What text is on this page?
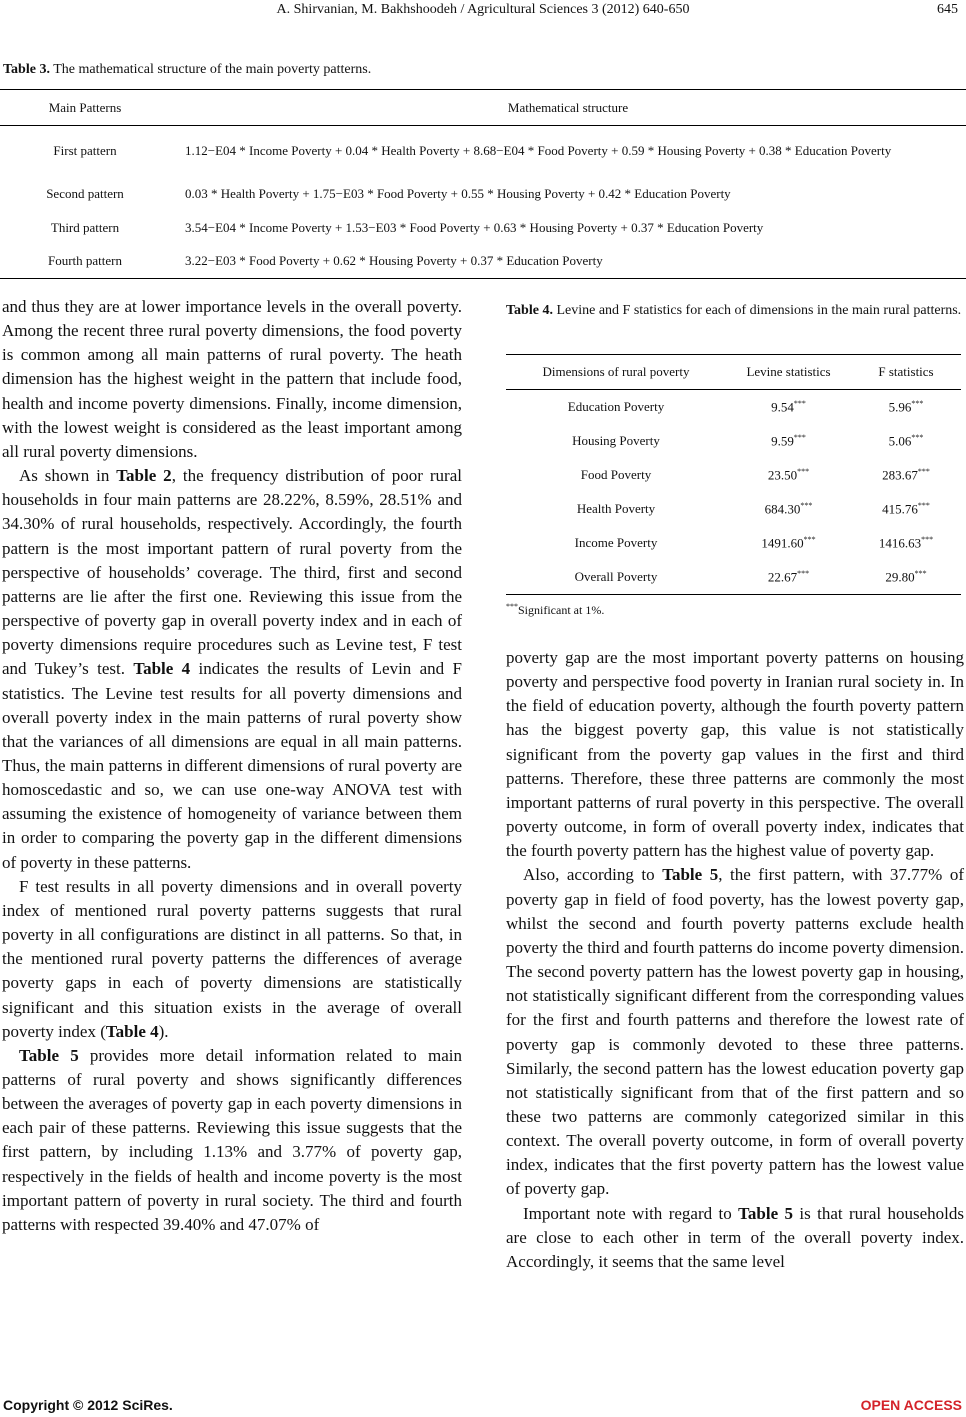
A. Shirvanian, M. Bakhshoodeh / Agricultural Sciences 3 (2012) 640-650	645
Table 3. The mathematical structure of the main poverty patterns.
Main Patterns	Mathematical structure
First pattern	1.12−E04 * Income Poverty + 0.04 * Health Poverty + 8.68−E04 * Food Poverty + 0.59 * Housing Poverty + 0.38 * Education Poverty
Second pattern	0.03 * Health Poverty + 1.75−E03 * Food Poverty + 0.55 * Housing Poverty + 0.42 * Education Poverty
Third pattern	3.54−E04 * Income Poverty + 1.53−E03 * Food Poverty + 0.63 * Housing Poverty + 0.37 * Education Poverty
Fourth pattern	3.22−E03 * Food Poverty + 0.62 * Housing Poverty + 0.37 * Education Poverty

and thus they are at lower importance levels in the overall poverty. Among the recent three rural poverty dimensions, the food poverty is common among all main patterns of rural poverty. The heath dimension has the highest weight in the pattern that include food, health and income poverty dimensions. Finally, income dimension, with the lowest weight is considered as the least important among all rural poverty dimensions.

As shown in Table 2, the frequency distribution of poor rural households in four main patterns are 28.22%, 8.59%, 28.51% and 34.30% of rural households, respectively. Accordingly, the fourth pattern is the most important pattern of rural poverty from the perspective of households’ coverage. The third, first and second patterns are lie after the first one. Reviewing this issue from the perspective of poverty gap in overall poverty index and in each of poverty dimensions require procedures such as Levine test, F test and Tukey’s test. Table 4 indicates the results of Levin and F statistics. The Levine test results for all poverty dimensions and overall poverty index in the main patterns of rural poverty show that the variances of all dimensions are equal in all main patterns. Thus, the main patterns in different dimensions of rural poverty are homoscedastic and so, we can use one-way ANOVA test with assuming the existence of homogeneity of variance between them in order to comparing the poverty gap in the different dimensions of poverty in these patterns.

F test results in all poverty dimensions and in overall poverty index of mentioned rural poverty patterns suggests that rural poverty in all configurations are distinct in all patterns. So that, in the mentioned rural poverty patterns the differences of average poverty gaps in each of poverty dimensions are statistically significant and this situation exists in the average of overall poverty index (Table 4).

Table 5 provides more detail information related to main patterns of rural poverty and shows significantly differences between the averages of poverty gap in each poverty dimensions in each pair of these patterns. Reviewing this issue suggests that the first pattern, by including 1.13% and 3.77% of poverty gap, respectively in the fields of health and income poverty is the most important pattern of poverty in rural society. The third and fourth patterns with respected 39.40% and 47.07% of

Table 4. Levine and F statistics for each of dimensions in the main rural patterns.
Dimensions of rural poverty	Levine statistics	F statistics
Education Poverty	9.54***	5.96***
Housing Poverty	9.59***	5.06***
Food Poverty	23.50***	283.67***
Health Poverty	684.30***	415.76***
Income Poverty	1491.60***	1416.63***
Overall Poverty	22.67***	29.80***
***Significant at 1%.

poverty gap are the most important poverty patterns on housing poverty and perspective food poverty in Iranian rural society in. In the field of education poverty, although the fourth poverty pattern has the biggest poverty gap, this value is not statistically significant from the poverty gap values in the first and third patterns. Therefore, these three patterns are commonly the most important patterns of rural poverty in this perspective. The overall poverty outcome, in form of overall poverty index, indicates that the fourth poverty pattern has the highest value of poverty gap.

Also, according to Table 5, the first pattern, with 37.77% of poverty gap in field of food poverty, has the lowest poverty gap, whilst the second and fourth poverty patterns exclude health poverty the third and fourth patterns do income poverty dimension. The second poverty pattern has the lowest poverty gap in housing, not statistically significant different from the corresponding values for the first and fourth patterns and therefore the lowest rate of poverty gap is commonly devoted to these three patterns. Similarly, the second pattern has the lowest education poverty gap not statistically significant from that of the first pattern and so these two patterns are commonly categorized similar in this context. The overall poverty outcome, in form of overall poverty index, indicates that the first poverty pattern has the lowest value of poverty gap.

Important note with regard to Table 5 is that rural households are close to each other in term of the overall poverty index. Accordingly, it seems that the same level

Copyright © 2012 SciRes.	OPEN ACCESS
